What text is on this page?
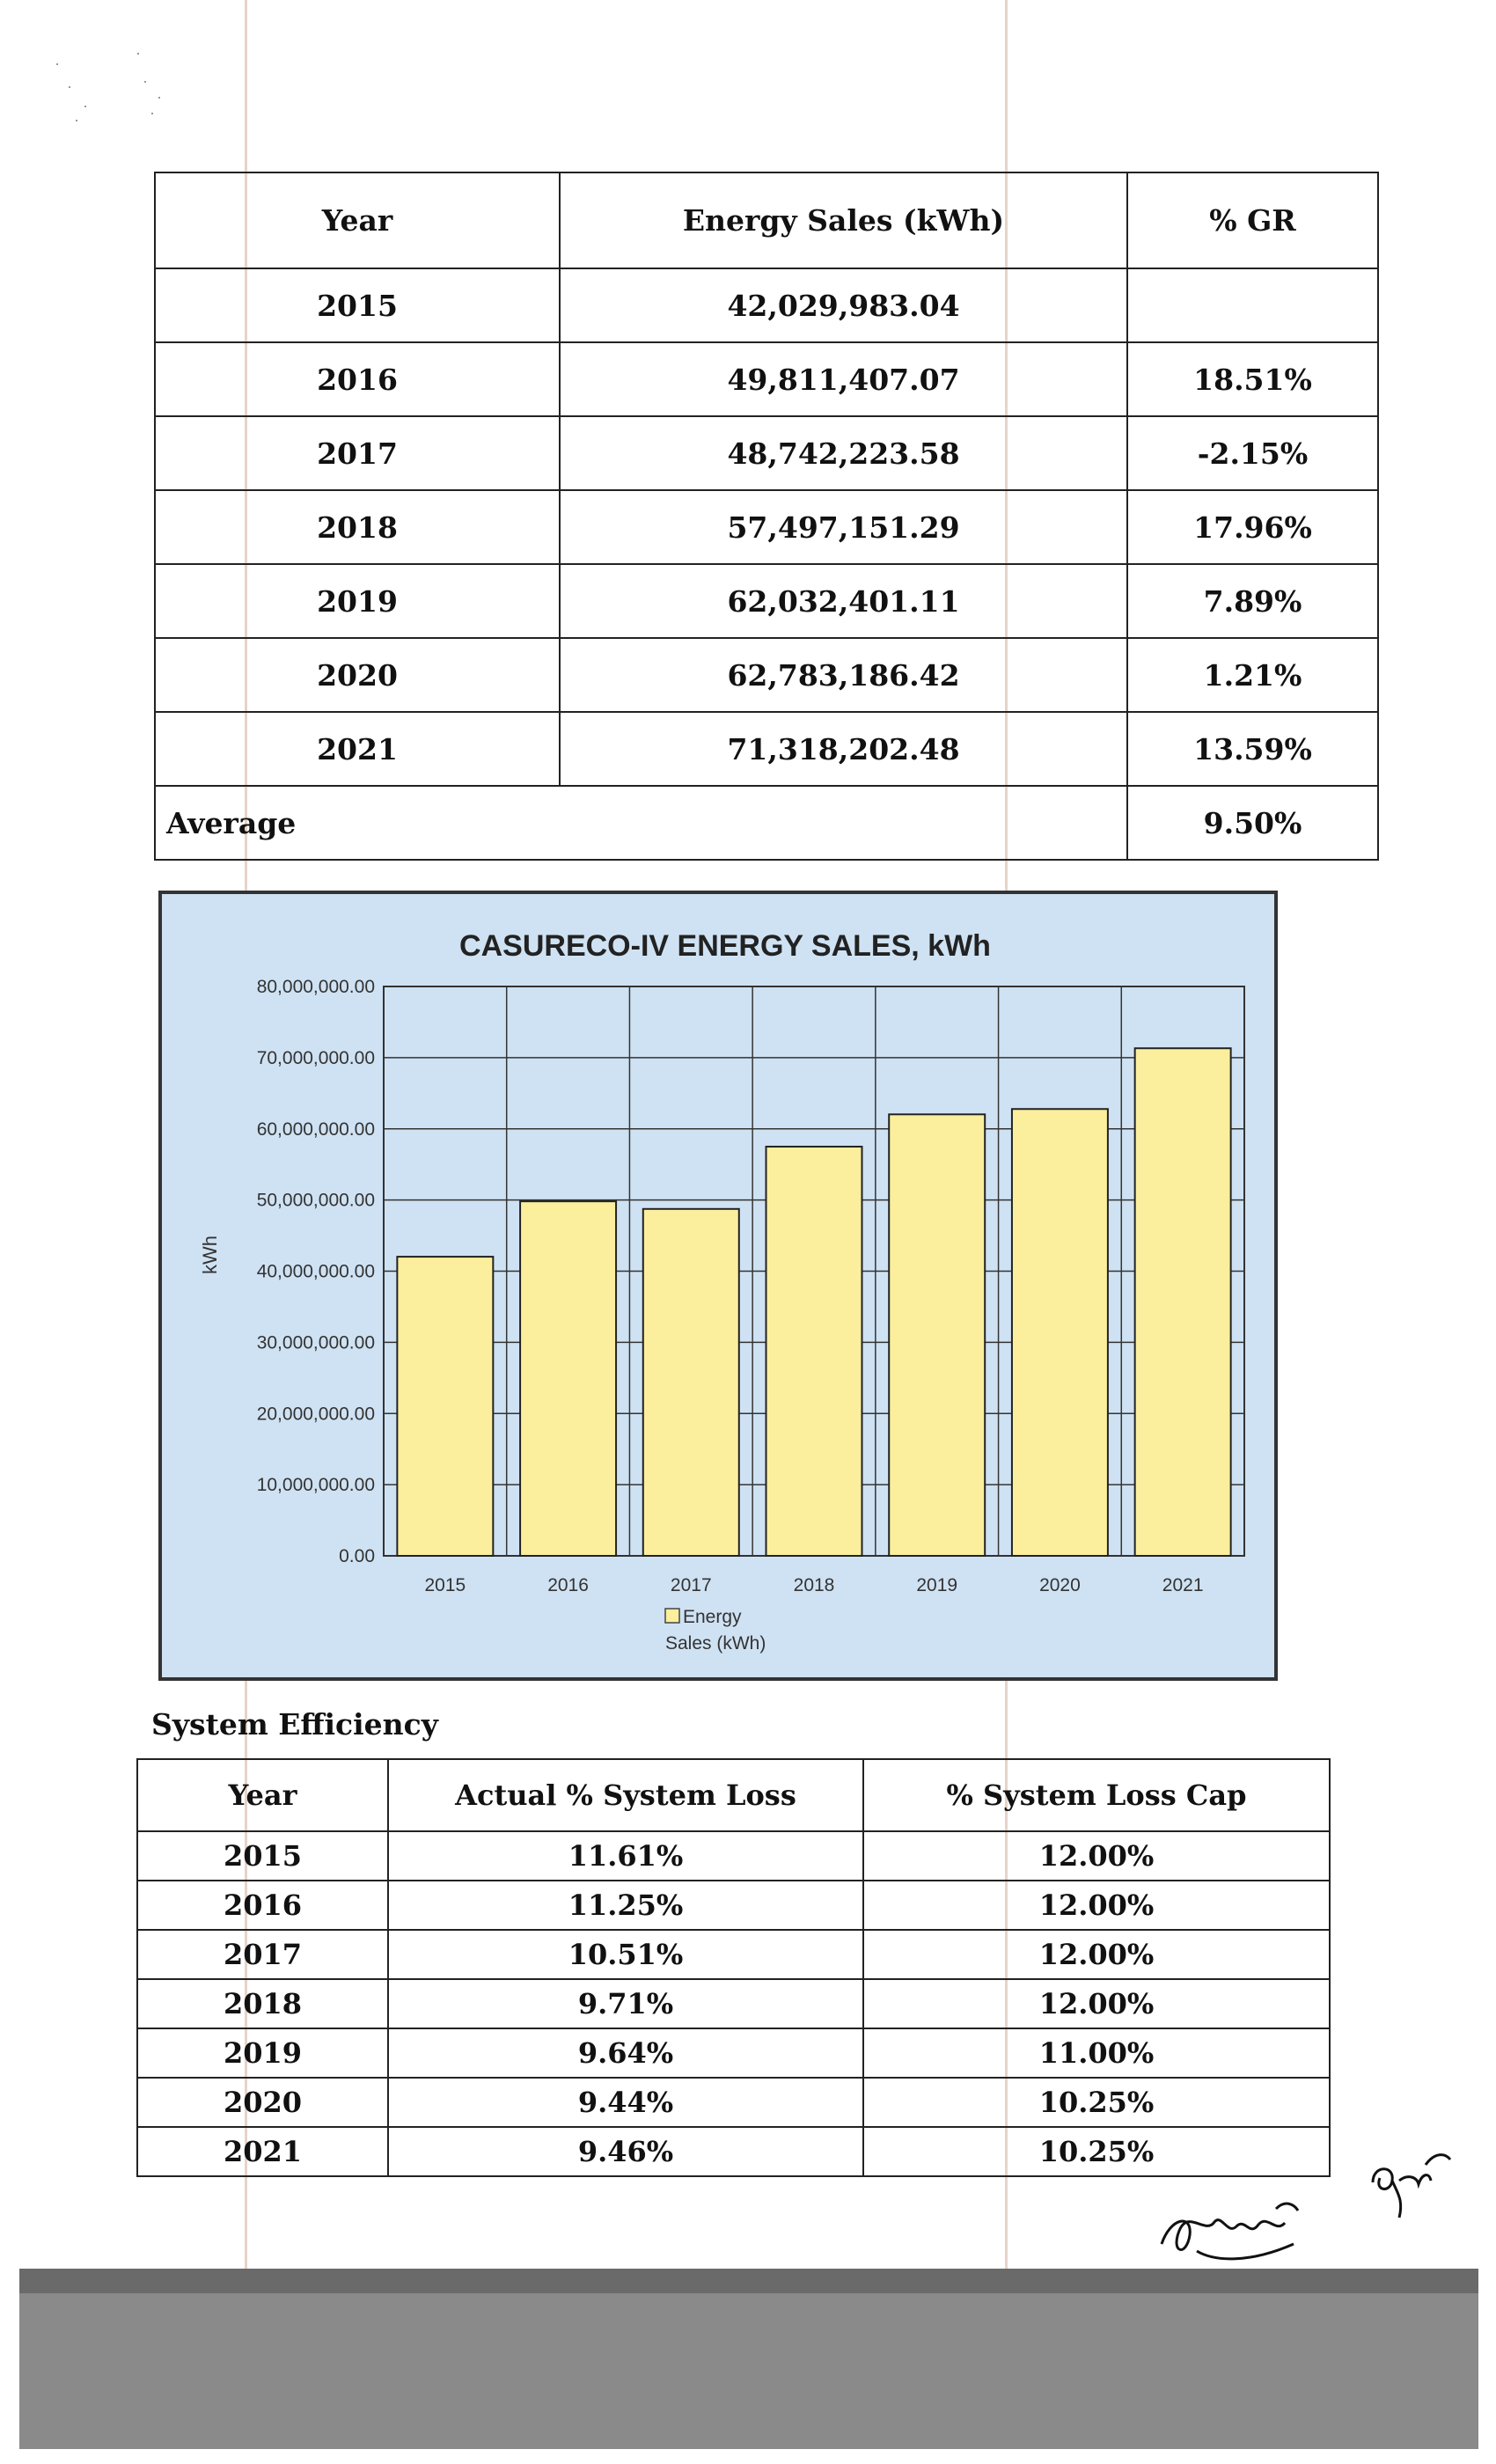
Year	Energy Sales (kWh)	% GR
2015	42,029,983.04	
2016	49,811,407.07	18.51%
2017	48,742,223.58	-2.15%
2018	57,497,151.29	17.96%
2019	62,032,401.11	7.89%
2020	62,783,186.42	1.21%
2021	71,318,202.48	13.59%
Average		9.50%
CASURECO-IV ENERGY SALES, kWh
0.00
10,000,000.00
20,000,000.00
30,000,000.00
40,000,000.00
50,000,000.00
60,000,000.00
70,000,000.00
80,000,000.00
2015	2016	2017	2018	2019	2020	2021
kWh
Energy
Sales (kWh)
System Efficiency
Year	Actual % System Loss	% System Loss Cap
2015	11.61%	12.00%
2016	11.25%	12.00%
2017	10.51%	12.00%
2018	9.71%	12.00%
2019	9.64%	11.00%
2020	9.44%	10.25%
2021	9.46%	10.25%
